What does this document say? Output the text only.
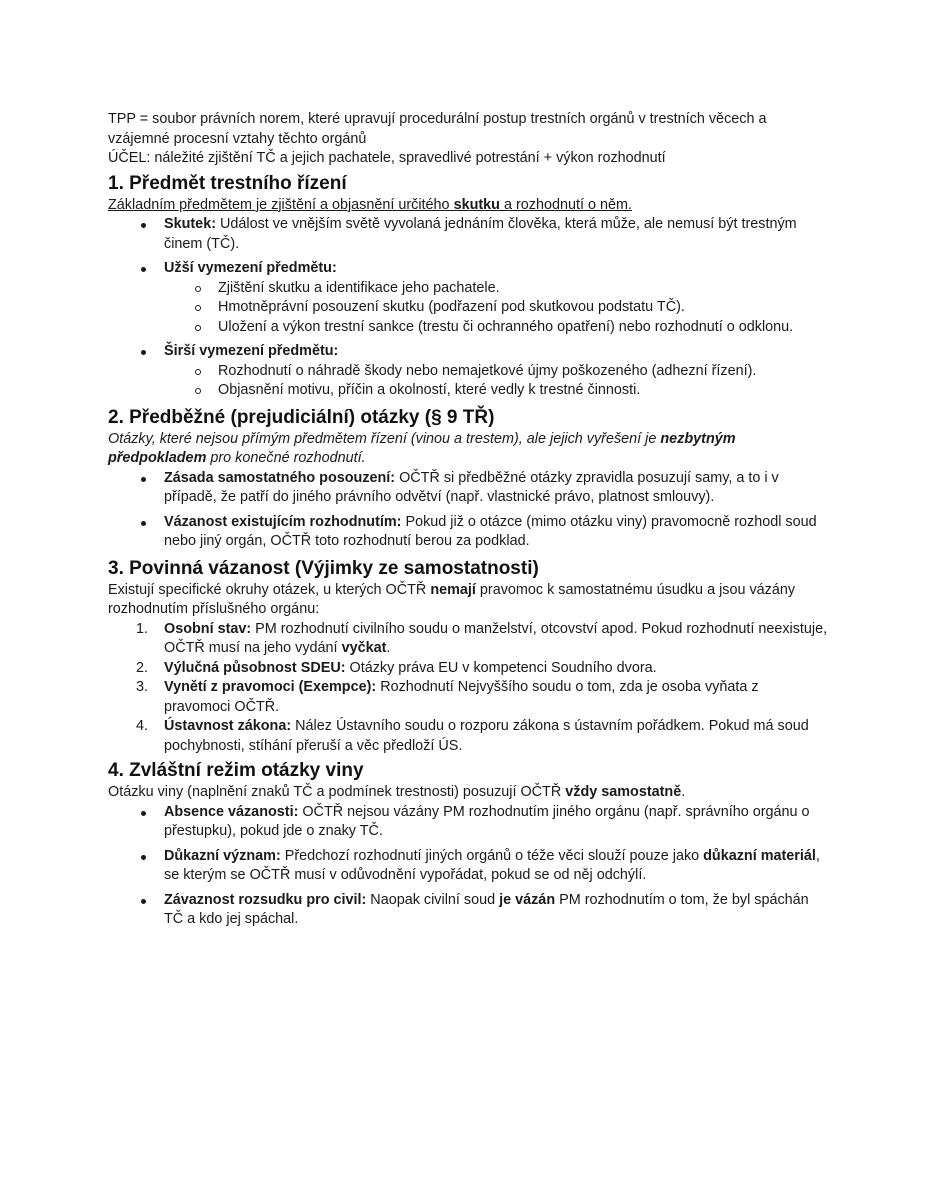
TPP = soubor právních norem, které upravují procedurální postup trestních orgánů v trestních věcech a vzájemné procesní vztahy těchto orgánů

ÚČEL: náležité zjištění TČ a jejich pachatele, spravedlivé potrestání + výkon rozhodnutí

1. Předmět trestního řízení

Základním předmětem je zjištění a objasnění určitého skutku a rozhodnutí o něm.

Skutek: Událost ve vnějším světě vyvolaná jednáním člověka, která může, ale nemusí být trestným činem (TČ).
Užší vymezení předmětu:
Zjištění skutku a identifikace jeho pachatele.
Hmotněprávní posouzení skutku (podřazení pod skutkovou podstatu TČ).
Uložení a výkon trestní sankce (trestu či ochranného opatření) nebo rozhodnutí o odklonu.
Širší vymezení předmětu:
Rozhodnutí o náhradě škody nebo nemajetkové újmy poškozeného (adhezní řízení).
Objasnění motivu, příčin a okolností, které vedly k trestné činnosti.
2. Předběžné (prejudiciální) otázky (§ 9 TŘ)

Otázky, které nejsou přímým předmětem řízení (vinou a trestem), ale jejich vyřešení je nezbytným předpokladem pro konečné rozhodnutí.

Zásada samostatného posouzení: OČTŘ si předběžné otázky zpravidla posuzují samy, a to i v případě, že patří do jiného právního odvětví (např. vlastnické právo, platnost smlouvy).
Vázanost existujícím rozhodnutím: Pokud již o otázce (mimo otázku viny) pravomocně rozhodl soud nebo jiný orgán, OČTŘ toto rozhodnutí berou za podklad.
3. Povinná vázanost (Výjimky ze samostatnosti)

Existují specifické okruhy otázek, u kterých OČTŘ nemají pravomoc k samostatnému úsudku a jsou vázány rozhodnutím příslušného orgánu:

1. Osobní stav: PM rozhodnutí civilního soudu o manželství, otcovství apod. Pokud rozhodnutí neexistuje, OČTŘ musí na jeho vydání vyčkat.
2. Výlučná působnost SDEU: Otázky práva EU v kompetenci Soudního dvora.
3. Vynětí z pravomoci (Exempce): Rozhodnutí Nejvyššího soudu o tom, zda je osoba vyňata z pravomoci OČTŘ.
4. Ústavnost zákona: Nález Ústavního soudu o rozporu zákona s ústavním pořádkem. Pokud má soud pochybnosti, stíhání přeruší a věc předloží ÚS.
4. Zvláštní režim otázky viny

Otázku viny (naplnění znaků TČ a podmínek trestnosti) posuzují OČTŘ vždy samostatně.

Absence vázanosti: OČTŘ nejsou vázány PM rozhodnutím jiného orgánu (např. správního orgánu o přestupku), pokud jde o znaky TČ.
Důkazní význam: Předchozí rozhodnutí jiných orgánů o téže věci slouží pouze jako důkazní materiál, se kterým se OČTŘ musí v odůvodnění vypořádat, pokud se od něj odchýlí.
Závaznost rozsudku pro civil: Naopak civilní soud je vázán PM rozhodnutím o tom, že byl spáchán TČ a kdo jej spáchal.
